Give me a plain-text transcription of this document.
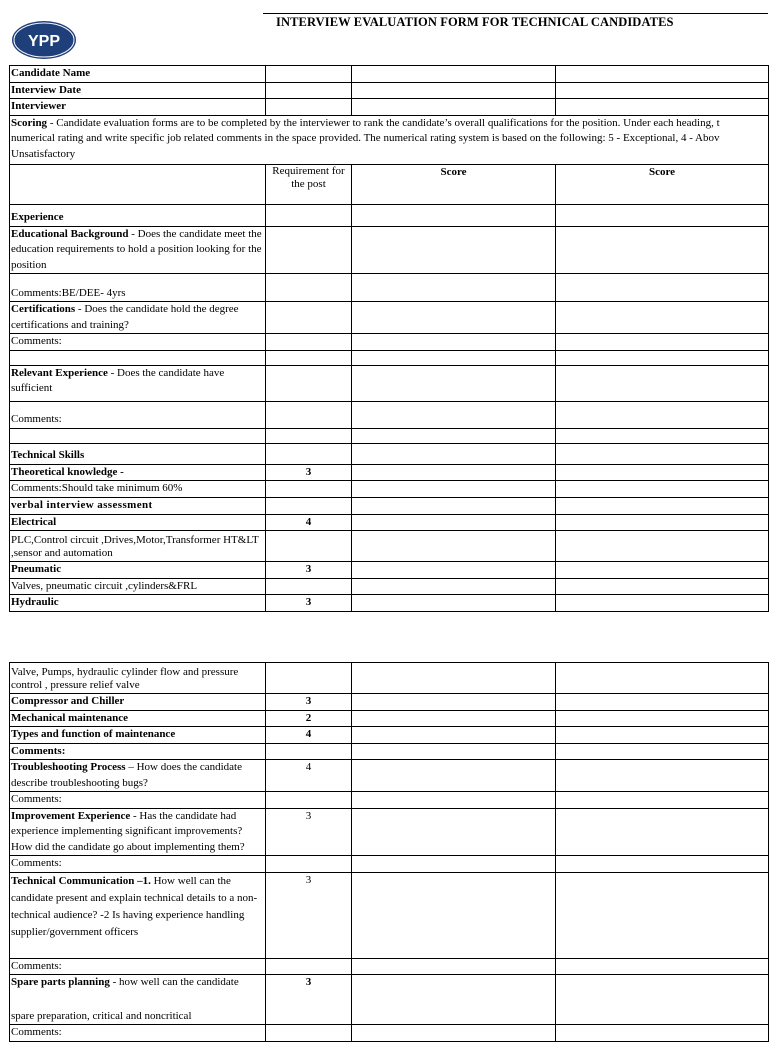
YPP
INTERVIEW EVALUATION FORM FOR TECHNICAL CANDIDATES
Candidate Name			
Interview Date			
Interviewer			

Scoring - Candidate evaluation forms are to be completed by the interviewer to rank the candidate’s overall qualifications for the position. Under each heading, t
numerical rating and write specific job related comments in the space provided. The numerical rating system is based on the following: 5 - Exceptional, 4 - Abov
Unsatisfactory			

	Requirement for the post	Score	Score
Experience			
Educational Background - Does the candidate meet the education requirements to hold a position looking for the position			
Comments:BE/DEE- 4yrs			
Certifications - Does the candidate hold the degree certifications and training?			
Comments:			

Relevant Experience - Does the candidate have sufficient			
Comments:			

Technical Skills			
Theoretical knowledge -	3		
Comments:Should take minimum 60%			
verbal interview assessment			
Electrical	4		
PLC,Control circuit ,Drives,Motor,Transformer HT&LT ,sensor and automation			
Pneumatic	3		
Valves, pneumatic circuit ,cylinders&FRL			
Hydraulic	3		
Valve, Pumps, hydraulic cylinder flow and pressure control , pressure relief valve			
Compressor and Chiller	3		
Mechanical maintenance	2		
Types and function of maintenance	4		
Comments:			
Troubleshooting Process – How does the candidate describe troubleshooting bugs?	4		
Comments:			
Improvement Experience - Has the candidate had experience implementing significant improvements? How did the candidate go about implementing them?	3		
Comments:			
Technical Communication –1. How well can the candidate present and explain technical details to a non-technical audience? -2 Is having experience handling supplier/government officers	3		
Comments:			

Spare parts planning - how well can the candidate
spare preparation, critical and noncritical	3		
Comments:			
